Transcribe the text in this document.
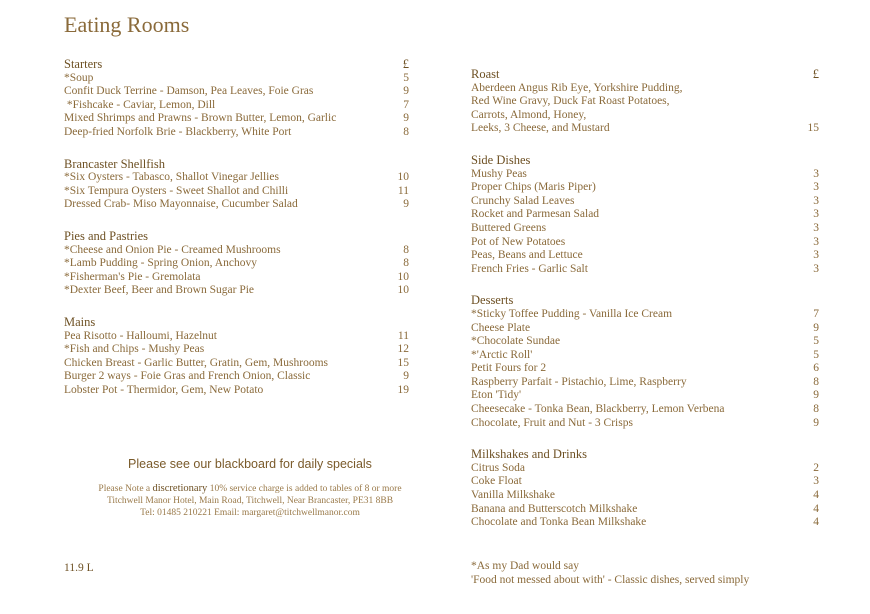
Eating Rooms
Starters	£
*Soup	5
Confit Duck Terrine - Damson, Pea Leaves, Foie Gras	9
*Fishcake - Caviar, Lemon, Dill	7
Mixed Shrimps and Prawns - Brown Butter, Lemon, Garlic	9
Deep-fried Norfolk Brie - Blackberry, White Port	8
Brancaster Shellfish
*Six Oysters - Tabasco, Shallot Vinegar Jellies	10
*Six Tempura Oysters - Sweet Shallot and Chilli	11
Dressed Crab- Miso Mayonnaise, Cucumber Salad	9
Pies and Pastries
*Cheese and Onion Pie - Creamed Mushrooms	8
*Lamb Pudding - Spring Onion, Anchovy	8
*Fisherman's Pie - Gremolata	10
*Dexter Beef, Beer and Brown Sugar Pie	10
Mains
Pea Risotto - Halloumi, Hazelnut	11
*Fish and Chips - Mushy Peas	12
Chicken Breast - Garlic Butter, Gratin, Gem, Mushrooms	15
Burger 2 ways - Foie Gras and French Onion, Classic	9
Lobster Pot - Thermidor, Gem, New Potato	19
Please see our blackboard for daily specials
Please Note a discretionary 10% service charge is added to tables of 8 or more
Titchwell Manor Hotel, Main Road, Titchwell, Near Brancaster, PE31 8BB
Tel: 01485 210221 Email: margaret@titchwellmanor.com
11.9 L
Roast	£
Aberdeen Angus Rib Eye, Yorkshire Pudding,
Red Wine Gravy, Duck Fat Roast Potatoes,
Carrots, Almond, Honey,
Leeks, 3 Cheese, and Mustard	15
Side Dishes
Mushy Peas	3
Proper Chips (Maris Piper)	3
Crunchy Salad Leaves	3
Rocket and Parmesan Salad	3
Buttered Greens	3
Pot of New Potatoes	3
Peas, Beans and Lettuce	3
French Fries - Garlic Salt	3
Desserts
*Sticky Toffee Pudding - Vanilla Ice Cream	7
Cheese Plate	9
*Chocolate Sundae	5
*'Arctic Roll'	5
Petit Fours for 2	6
Raspberry Parfait - Pistachio, Lime, Raspberry	8
Eton 'Tidy'	9
Cheesecake - Tonka Bean, Blackberry, Lemon Verbena	8
Chocolate, Fruit and Nut - 3 Crisps	9
Milkshakes and Drinks
Citrus Soda	2
Coke Float	3
Vanilla Milkshake	4
Banana and Butterscotch Milkshake	4
Chocolate and Tonka Bean Milkshake	4
*As my Dad would say
'Food not messed about with' - Classic dishes, served simply
